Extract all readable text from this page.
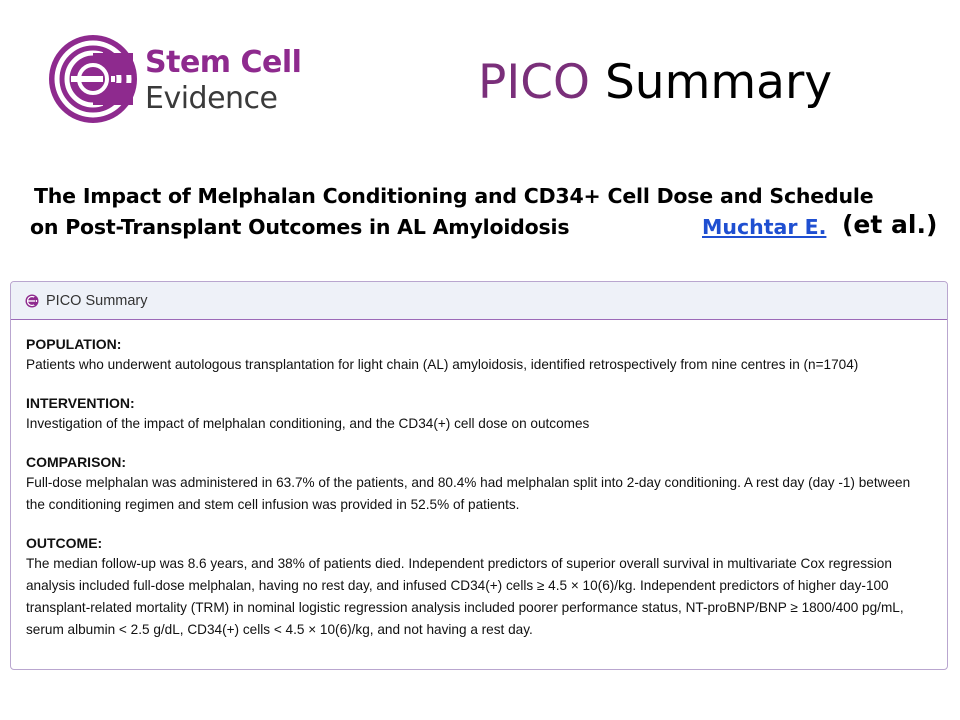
Stem Cell
Evidence	PICO Summary
The Impact of Melphalan Conditioning and CD34+ Cell Dose and Schedule
on Post-Transplant Outcomes in AL Amyloidosis	Muchtar E. (et al.)
PICO Summary
POPULATION:
Patients who underwent autologous transplantation for light chain (AL) amyloidosis, identified retrospectively from nine centres in (n=1704)
INTERVENTION:
Investigation of the impact of melphalan conditioning, and the CD34(+) cell dose on outcomes
COMPARISON:
Full-dose melphalan was administered in 63.7% of the patients, and 80.4% had melphalan split into 2-day conditioning. A rest day (day -1) between the conditioning regimen and stem cell infusion was provided in 52.5% of patients.
OUTCOME:
The median follow-up was 8.6 years, and 38% of patients died. Independent predictors of superior overall survival in multivariate Cox regression analysis included full-dose melphalan, having no rest day, and infused CD34(+) cells ≥ 4.5 × 10(6)/kg. Independent predictors of higher day-100 transplant-related mortality (TRM) in nominal logistic regression analysis included poorer performance status, NT-proBNP/BNP ≥ 1800/400 pg/mL, serum albumin < 2.5 g/dL, CD34(+) cells < 4.5 × 10(6)/kg, and not having a rest day.
